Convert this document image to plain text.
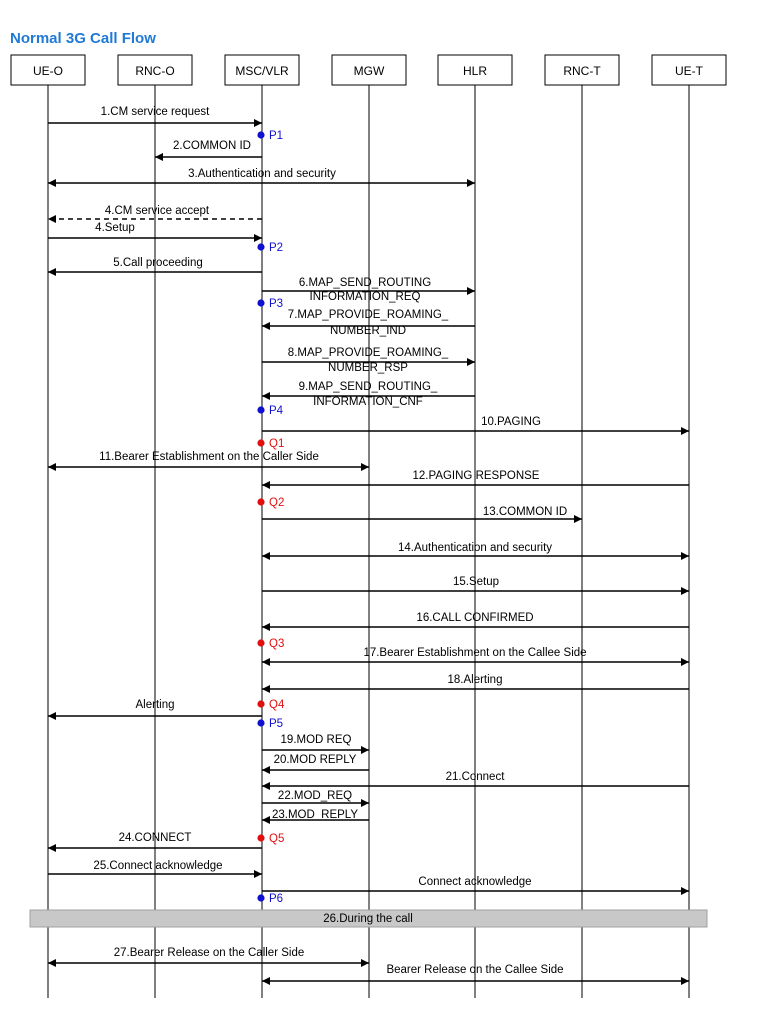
Normal 3G Call Flow
UE-O	RNC-O	MSC/VLR	MGW	HLR	RNC-T	UE-T
26.During the call
1.CM service request
2.COMMON ID
3.Authentication and security
4.CM service accept
4.Setup
5.Call proceeding
6.MAP_SEND_ROUTING
INFORMATION_REQ
7.MAP_PROVIDE_ROAMING_
NUMBER_IND
8.MAP_PROVIDE_ROAMING_
NUMBER_RSP
9.MAP_SEND_ROUTING_
INFORMATION_CNF
10.PAGING
11.Bearer Establishment on the Caller Side
12.PAGING RESPONSE
13.COMMON ID
14.Authentication and security
15.Setup
16.CALL CONFIRMED
17.Bearer Establishment on the Callee Side
18.Alerting
Alerting
19.MOD REQ
20.MOD REPLY
21.Connect
22.MOD_REQ
23.MOD_REPLY
24.CONNECT
25.Connect acknowledge
Connect acknowledge
27.Bearer Release on the Caller Side
Bearer Release on the Callee Side
P1
P2
P3
P4
Q1
Q2
Q3
Q4
P5
Q5
P6
